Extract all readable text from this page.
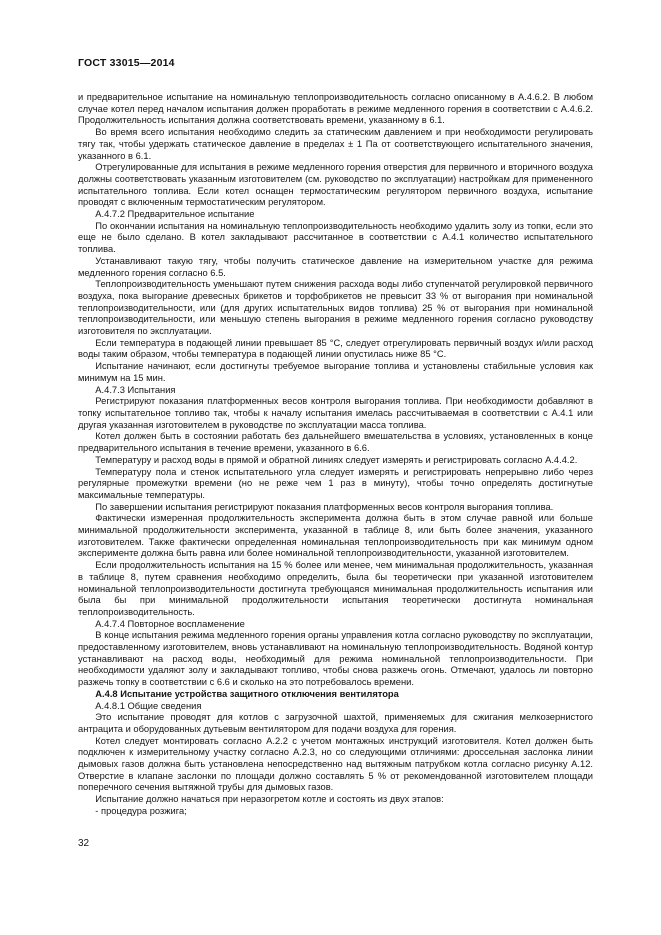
ГОСТ 33015—2014

и предварительное испытание на номинальную теплопроизводительность согласно описанному в А.4.6.2. В любом случае котел перед началом испытания должен проработать в режиме медленного горения в соответствии с А.4.6.2. Продолжительность испытания должна соответствовать времени, указанному в 6.1.

Во время всего испытания необходимо следить за статическим давлением и при необходимости регулировать тягу так, чтобы удержать статическое давление в пределах ± 1 Па от соответствующего испытательного значения, указанного в 6.1.

Отрегулированные для испытания в режиме медленного горения отверстия для первичного и вторичного воздуха должны соответствовать указанным изготовителем (см. руководство по эксплуатации) настройкам для примененного испытательного топлива. Если котел оснащен термостатическим регулятором первичного воздуха, испытание проводят с включенным термостатическим регулятором.

А.4.7.2 Предварительное испытание

По окончании испытания на номинальную теплопроизводительность необходимо удалить золу из топки, если это еще не было сделано. В котел закладывают рассчитанное в соответствии с А.4.1 количество испытательного топлива.

Устанавливают такую тягу, чтобы получить статическое давление на измерительном участке для режима медленного горения согласно 6.5.

Теплопроизводительность уменьшают путем снижения расхода воды либо ступенчатой регулировкой первичного воздуха, пока выгорание древесных брикетов и торфобрикетов не превысит 33 % от выгорания при номинальной теплопроизводительности, или (для других испытательных видов топлива) 25 % от выгорания при номинальной теплопроизводительности, или меньшую степень выгорания в режиме медленного горения согласно руководству изготовителя по эксплуатации.

Если температура в подающей линии превышает 85 °С, следует отрегулировать первичный воздух и/или расход воды таким образом, чтобы температура в подающей линии опустилась ниже 85 °С.

Испытание начинают, если достигнуты требуемое выгорание топлива и установлены стабильные условия как минимум на 15 мин.

А.4.7.3 Испытания

Регистрируют показания платформенных весов контроля выгорания топлива. При необходимости добавляют в топку испытательное топливо так, чтобы к началу испытания имелась рассчитываемая в соответствии с А.4.1 или другая указанная изготовителем в руководстве по эксплуатации масса топлива.

Котел должен быть в состоянии работать без дальнейшего вмешательства в условиях, установленных в конце предварительного испытания в течение времени, указанного в 6.6.

Температуру и расход воды в прямой и обратной линиях следует измерять и регистрировать согласно А.4.4.2.

Температуру пола и стенок испытательного угла следует измерять и регистрировать непрерывно либо через регулярные промежутки времени (но не реже чем 1 раз в минуту), чтобы точно определять достигнутые максимальные температуры.

По завершении испытания регистрируют показания платформенных весов контроля выгорания топлива.

Фактически измеренная продолжительность эксперимента должна быть в этом случае равной или больше минимальной продолжительности эксперимента, указанной в таблице 8, или быть более значения, указанного изготовителем. Также фактически определенная номинальная теплопроизводительность при как минимум одном эксперименте должна быть равна или более номинальной теплопроизводительности, указанной изготовителем.

Если продолжительность испытания на 15 % более или менее, чем минимальная продолжительность, указанная в таблице 8, путем сравнения необходимо определить, была бы теоретически при указанной изготовителем номинальной теплопроизводительности достигнута требующаяся минимальная продолжительность испытания или была бы при минимальной продолжительности испытания теоретически достигнута номинальная теплопроизводительность.

А.4.7.4 Повторное воспламенение

В конце испытания режима медленного горения органы управления котла согласно руководству по эксплуатации, предоставленному изготовителем, вновь устанавливают на номинальную теплопроизводительность. Водяной контур устанавливают на расход воды, необходимый для режима номинальной теплопроизводительности. При необходимости удаляют золу и закладывают топливо, чтобы снова разжечь огонь. Отмечают, удалось ли повторно разжечь топку в соответствии с 6.6 и сколько на это потребовалось времени.

А.4.8 Испытание устройства защитного отключения вентилятора

А.4.8.1 Общие сведения

Это испытание проводят для котлов с загрузочной шахтой, применяемых для сжигания мелкозернистого антрацита и оборудованных дутьевым вентилятором для подачи воздуха для горения.

Котел следует монтировать согласно А.2.2 с учетом монтажных инструкций изготовителя. Котел должен быть подключен к измерительному участку согласно А.2.3, но со следующими отличиями: дроссельная заслонка линии дымовых газов должна быть установлена непосредственно над вытяжным патрубком котла согласно рисунку А.12. Отверстие в клапане заслонки по площади должно составлять 5 % от рекомендованной изготовителем площади поперечного сечения вытяжной трубы для дымовых газов.

Испытание должно начаться при неразогретом котле и состоять из двух этапов:

- процедура розжига;

32
